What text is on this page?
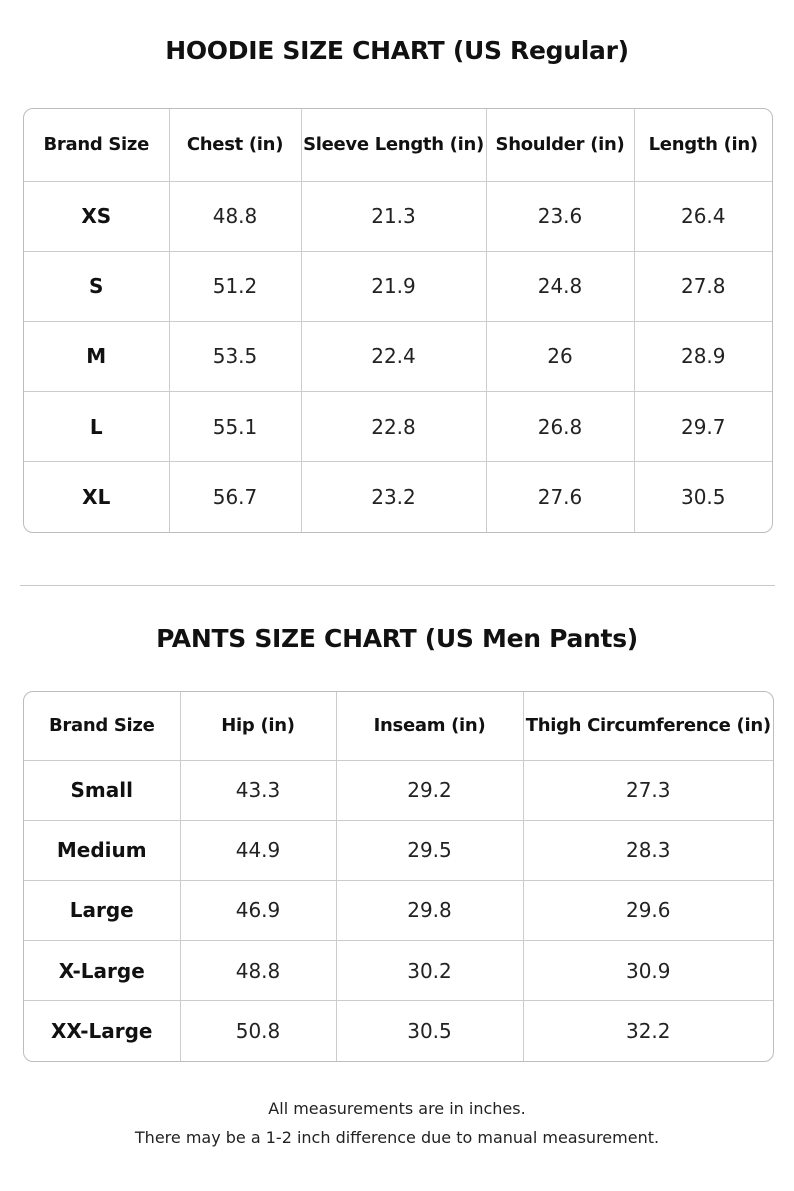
HOODIE SIZE CHART (US Regular)
Brand Size	Chest (in)	Sleeve Length (in)	Shoulder (in)	Length (in)
XS	48.8	21.3	23.6	26.4
S	51.2	21.9	24.8	27.8
M	53.5	22.4	26	28.9
L	55.1	22.8	26.8	29.7
XL	56.7	23.2	27.6	30.5
PANTS SIZE CHART (US Men Pants)
Brand Size	Hip (in)	Inseam (in)	Thigh Circumference (in)
Small	43.3	29.2	27.3
Medium	44.9	29.5	28.3
Large	46.9	29.8	29.6
X-Large	48.8	30.2	30.9
XX-Large	50.8	30.5	32.2
All measurements are in inches.
There may be a 1-2 inch difference due to manual measurement.
